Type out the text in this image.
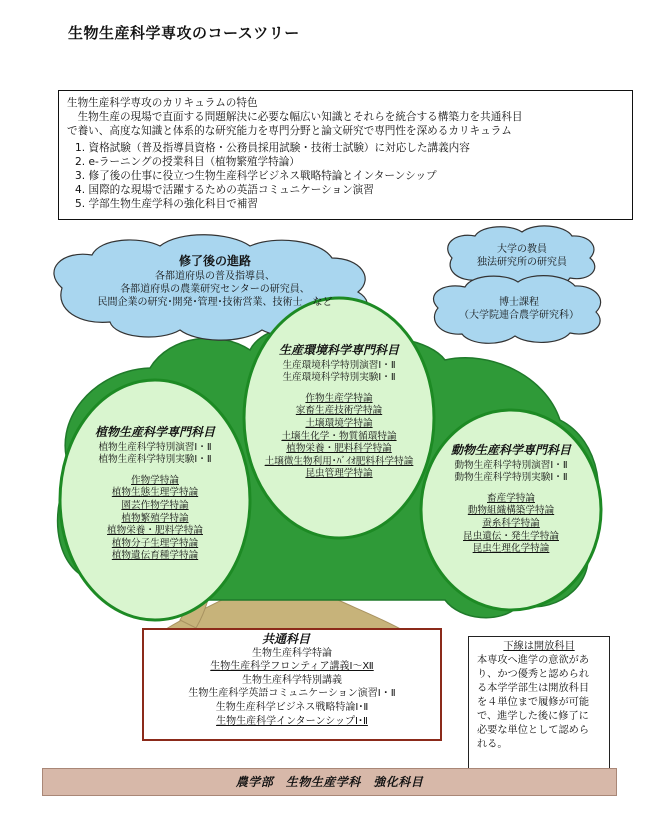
生物生産科学専攻のコースツリー
生物生産科学専攻のカリキュラムの特色
生物生産の現場で直面する問題解決に必要な幅広い知識とそれらを統合する構築力を共通科目
で養い、高度な知識と体系的な研究能力を専門分野と論文研究で専門性を深めるカリキュラム
1. 資格試験（普及指導員資格・公務員採用試験・技術士試験）に対応した講義内容
2. e-ラーニングの授業科目（植物繁殖学特論）
3. 修了後の仕事に役立つ生物生産科学ビジネス戦略特論とインターンシップ
4. 国際的な現場で活躍するための英語コミュニケーション演習
5. 学部生物生産学科の強化科目で補習
修了後の進路
各都道府県の普及指導員、
各都道府県の農業研究センターの研究員、
民間企業の研究･開発･管理･技術営業、技術士　など
大学の教員
独法研究所の研究員
博士課程
（大学院連合農学研究科）
生産環境科学専門科目
生産環境科学特別演習Ⅰ・Ⅱ
生産環境科学特別実験Ⅰ・Ⅱ
作物生産学特論
家畜生産技術学特論
土壌環境学特論
土壌生化学・物質循環特論
植物栄養・肥料科学特論
土壌微生物利用･ﾊﾞｲｵ肥料科学特論
昆虫管理学特論
植物生産科学専門科目
植物生産科学特別演習Ⅰ・Ⅱ
植物生産科学特別実験Ⅰ・Ⅱ
作物学特論
植物生態生理学特論
園芸作物学特論
植物繁殖学特論
植物栄養・肥料学特論
植物分子生理学特論
植物遺伝育種学特論
動物生産科学専門科目
動物生産科学特別演習Ⅰ・Ⅱ
動物生産科学特別実験Ⅰ・Ⅱ
畜産学特論
動物組織構築学特論
蚕糸科学特論
昆虫遺伝・発生学特論
昆虫生理化学特論
共通科目
生物生産科学特論
生物生産科学フロンティア講義Ⅰ～Ⅻ
生物生産科学特別講義
生物生産科学英語コミュニケーション演習Ⅰ・Ⅱ
生物生産科学ビジネス戦略特論Ⅰ･Ⅱ
生物生産科学インターンシップⅠ･Ⅱ
下線は開放科目
本専攻へ進学の意欲があ
り、かつ優秀と認められ
る本学学部生は開放科目
を４単位まで履修が可能
で、進学した後に修了に
必要な単位として認めら
れる。
農学部　生物生産学科　強化科目
